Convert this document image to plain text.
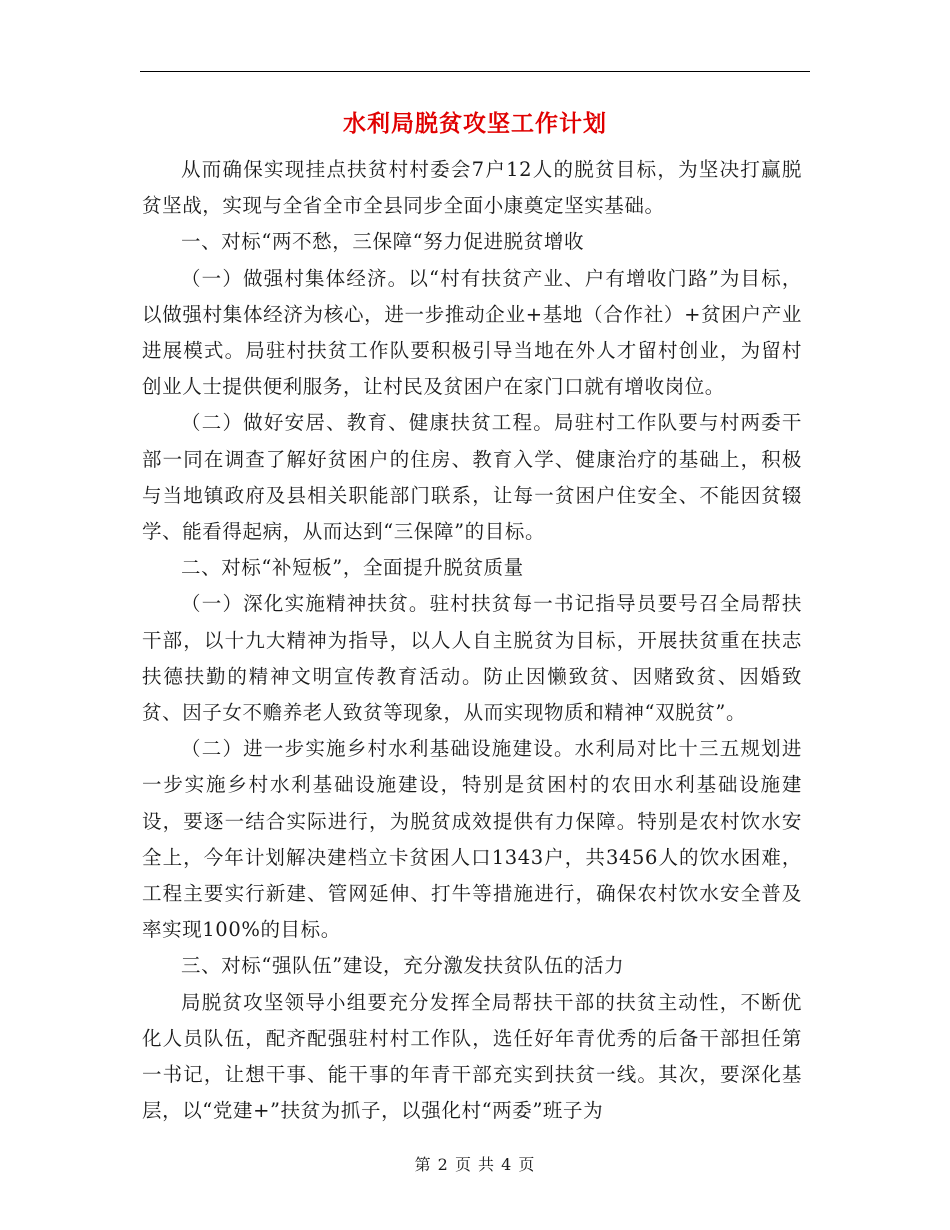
水利局脱贫攻坚工作计划

从而确保实现挂点扶贫村村委会7户12人的脱贫目标，为坚决打赢脱贫坚战，实现与全省全市全县同步全面小康奠定坚实基础。

一、对标“两不愁，三保障“努力促进脱贫增收

（一）做强村集体经济。以“村有扶贫产业、户有增收门路”为目标，以做强村集体经济为核心，进一步推动企业+基地（合作社）+贫困户产业进展模式。局驻村扶贫工作队要积极引导当地在外人才留村创业，为留村创业人士提供便利服务，让村民及贫困户在家门口就有增收岗位。

（二）做好安居、教育、健康扶贫工程。局驻村工作队要与村两委干部一同在调查了解好贫困户的住房、教育入学、健康治疗的基础上，积极与当地镇政府及县相关职能部门联系，让每一贫困户住安全、不能因贫辍学、能看得起病，从而达到“三保障”的目标。

二、对标“补短板”，全面提升脱贫质量

（一）深化实施精神扶贫。驻村扶贫每一书记指导员要号召全局帮扶干部，以十九大精神为指导，以人人自主脱贫为目标，开展扶贫重在扶志扶德扶勤的精神文明宣传教育活动。防止因懒致贫、因赌致贫、因婚致贫、因子女不赡养老人致贫等现象，从而实现物质和精神“双脱贫”。

（二）进一步实施乡村水利基础设施建设。水利局对比十三五规划进一步实施乡村水利基础设施建设，特别是贫困村的农田水利基础设施建设，要逐一结合实际进行，为脱贫成效提供有力保障。特别是农村饮水安全上，今年计划解决建档立卡贫困人口1343户，共3456人的饮水困难，工程主要实行新建、管网延伸、打牛等措施进行，确保农村饮水安全普及率实现100%的目标。

三、对标“强队伍”建设，充分激发扶贫队伍的活力

局脱贫攻坚领导小组要充分发挥全局帮扶干部的扶贫主动性，不断优化人员队伍，配齐配强驻村村工作队，选任好年青优秀的后备干部担任第一书记，让想干事、能干事的年青干部充实到扶贫一线。其次，要深化基层，以“党建+”扶贫为抓子，以强化村“两委”班子为

第 2 页 共 4 页
